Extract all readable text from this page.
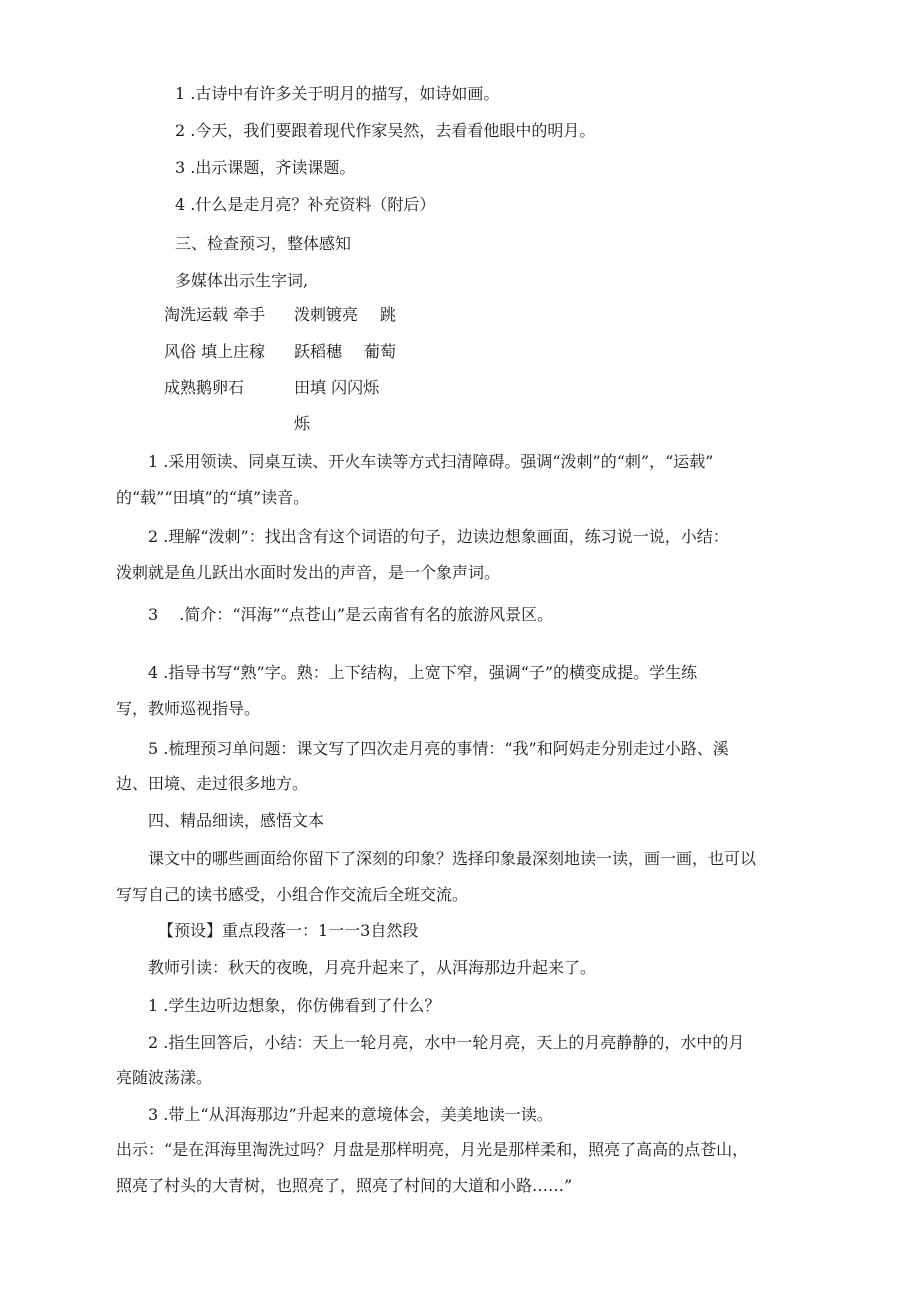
1 .古诗中有许多关于明月的描写，如诗如画。
2 .今天，我们要跟着现代作家吴然，去看看他眼中的明月。
3 .出示课题，齐读课题。
4 .什么是走月亮？补充资料（附后）
三、检查预习，整体感知
多媒体出示生字词,
淘洗运载 牵手 泼刺镀亮 跳
风俗 填上庄稼 跃稻穗 葡萄
成熟鹅卵石	田填 闪闪烁
烁
1 .采用领读、同桌互读、开火车读等方式扫清障碍。强调“泼刺”的“刺”，“运载”
的“载”“田填”的“填”读音。
2 .理解“泼刺”：找出含有这个词语的句子，边读边想象画面，练习说一说，小结：
泼刺就是鱼儿跃出水面时发出的声音，是一个象声词。
3　 .简介：“洱海”“点苍山”是云南省有名的旅游风景区。
4 .指导书写“熟”字。熟：上下结构，上宽下窄，强调“子”的横变成提。学生练
写，教师巡视指导。
5 .梳理预习单问题：课文写了四次走月亮的事情：“我”和阿妈走分别走过小路、溪
边、田境、走过很多地方。
四、精品细读，感悟文本
课文中的哪些画面给你留下了深刻的印象？选择印象最深刻地读一读，画一画，也可以
写写自己的读书感受，小组合作交流后全班交流。
【预设】重点段落一：1一一3自然段
教师引读：秋天的夜晚，月亮升起来了，从洱海那边升起来了。
1 .学生边听边想象，你仿佛看到了什么？
2 .指生回答后，小结：天上一轮月亮，水中一轮月亮，天上的月亮静静的，水中的月
亮随波荡漾。
3 .带上“从洱海那边”升起来的意境体会，美美地读一读。
出示：“是在洱海里淘洗过吗？月盘是那样明亮，月光是那样柔和，照亮了高高的点苍山，
照亮了村头的大青树，也照亮了，照亮了村间的大道和小路……”
